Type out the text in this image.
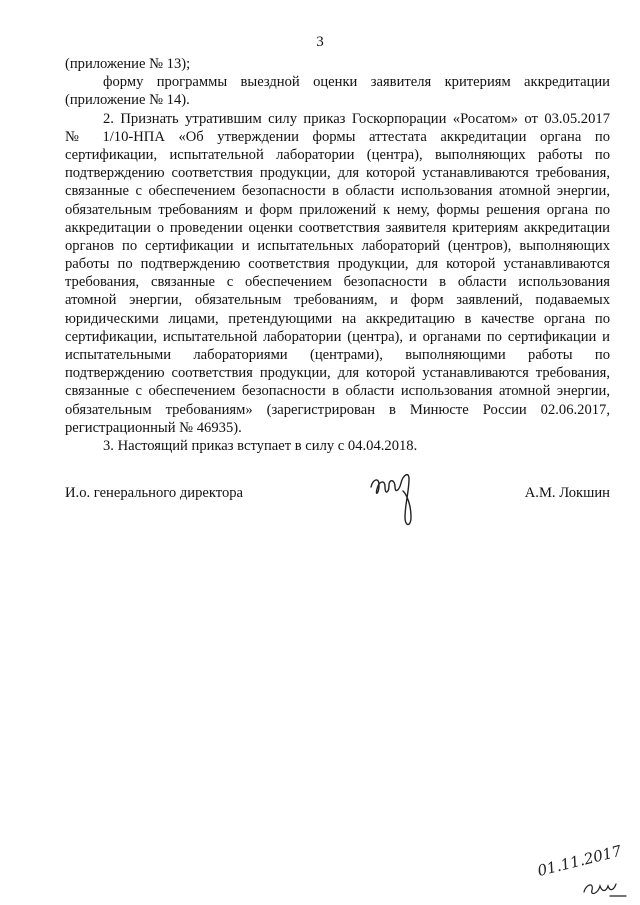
3
(приложение № 13);
форму программы выездной оценки заявителя критериям аккредитации
(приложение № 14).
2. Признать утратившим силу приказ Госкорпорации «Росатом» от 03.05.2017
№ 1/10-НПА «Об утверждении формы аттестата аккредитации органа по
сертификации, испытательной лаборатории (центра), выполняющих работы по
подтверждению соответствия продукции, для которой устанавливаются требования,
связанные с обеспечением безопасности в области использования атомной энергии,
обязательным требованиям и форм приложений к нему, формы решения органа по
аккредитации о проведении оценки соответствия заявителя критериям аккредитации
органов по сертификации и испытательных лабораторий (центров), выполняющих
работы по подтверждению соответствия продукции, для которой устанавливаются
требования, связанные с обеспечением безопасности в области использования
атомной энергии, обязательным требованиям, и форм заявлений, подаваемых
юридическими лицами, претендующими на аккредитацию в качестве органа по
сертификации, испытательной лаборатории (центра), и органами по сертификации и
испытательными лабораториями (центрами), выполняющими работы по
подтверждению соответствия продукции, для которой устанавливаются требования,
связанные с обеспечением безопасности в области использования атомной энергии,
обязательным требованиям» (зарегистрирован в Минюсте России 02.06.2017,
регистрационный № 46935).
3. Настоящий приказ вступает в силу с 04.04.2018.
И.о. генерального директора	А.М. Локшин
01.11.2017
